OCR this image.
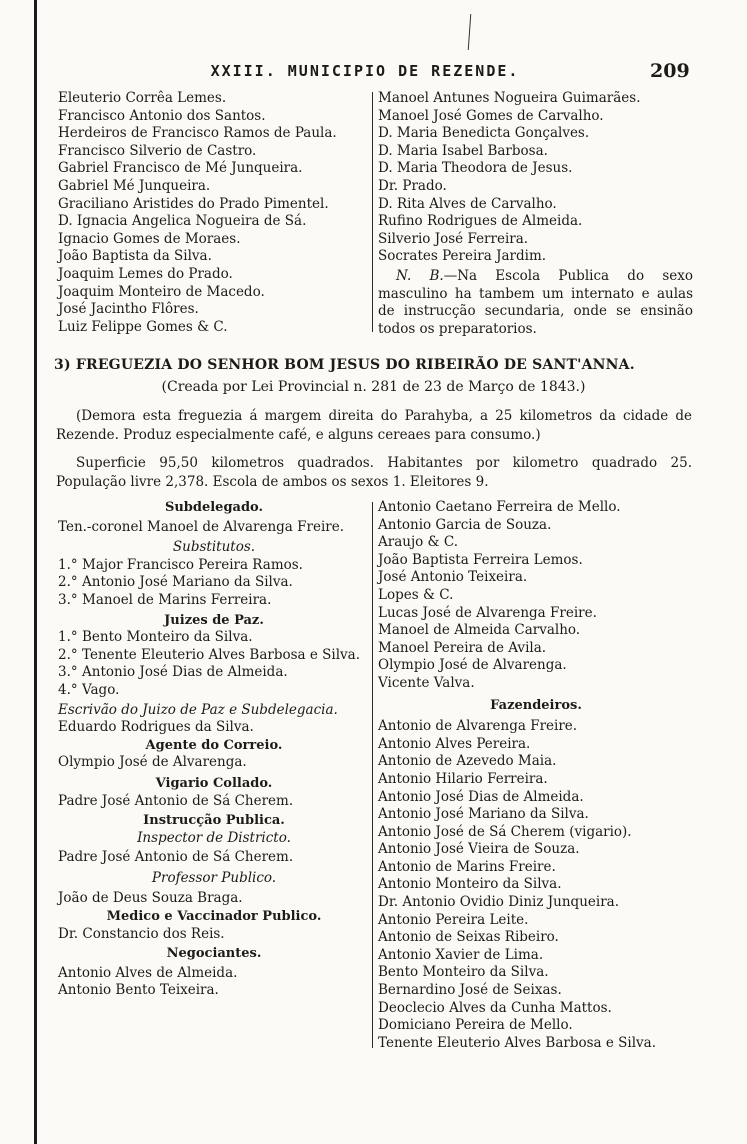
XXIII. MUNICIPIO DE REZENDE.	209
Eleuterio Corrêa Lemes.
Francisco Antonio dos Santos.
Herdeiros de Francisco Ramos de Paula.
Francisco Silverio de Castro.
Gabriel Francisco de Mé Junqueira.
Gabriel Mé Junqueira.
Graciliano Aristides do Prado Pimentel.
D. Ignacia Angelica Nogueira de Sá.
Ignacio Gomes de Moraes.
João Baptista da Silva.
Joaquim Lemes do Prado.
Joaquim Monteiro de Macedo.
José Jacintho Flôres.
Luiz Felippe Gomes & C.
Manoel Antunes Nogueira Guimarães.
Manoel José Gomes de Carvalho.
D. Maria Benedicta Gonçalves.
D. Maria Isabel Barbosa.
D. Maria Theodora de Jesus.
Dr. Prado.
D. Rita Alves de Carvalho.
Rufino Rodrigues de Almeida.
Silverio José Ferreira.
Socrates Pereira Jardim.
N. B.—Na Escola Publica do sexo masculino ha tambem um internato e aulas de instrucção secundaria, onde se ensinão todos os preparatorios.
3) FREGUEZIA DO SENHOR BOM JESUS DO RIBEIRÃO DE SANT'ANNA.
(Creada por Lei Provincial n. 281 de 23 de Março de 1843.)
(Demora esta freguezia á margem direita do Parahyba, a 25 kilometros da cidade de Rezende. Produz especialmente café, e alguns cereaes para consumo.)
Superficie 95,50 kilometros quadrados. Habitantes por kilometro quadrado 25. População livre 2,378. Escola de ambos os sexos 1. Eleitores 9.
Subdelegado.
Ten.-coronel Manoel de Alvarenga Freire.
Substitutos.
1.° Major Francisco Pereira Ramos.
2.° Antonio José Mariano da Silva.
3.° Manoel de Marins Ferreira.
Juizes de Paz.
1.° Bento Monteiro da Silva.
2.° Tenente Eleuterio Alves Barbosa e Silva.
3.° Antonio José Dias de Almeida.
4.° Vago.
Escrivão do Juizo de Paz e Subdelegacia.
Eduardo Rodrigues da Silva.
Agente do Correio.
Olympio José de Alvarenga.
Vigario Collado.
Padre José Antonio de Sá Cherem.
Instrucção Publica.
Inspector de Districto.
Padre José Antonio de Sá Cherem.
Professor Publico.
João de Deus Souza Braga.
Medico e Vaccinador Publico.
Dr. Constancio dos Reis.
Negociantes.
Antonio Alves de Almeida.
Antonio Bento Teixeira.
Antonio Caetano Ferreira de Mello.
Antonio Garcia de Souza.
Araujo & C.
João Baptista Ferreira Lemos.
José Antonio Teixeira.
Lopes & C.
Lucas José de Alvarenga Freire.
Manoel de Almeida Carvalho.
Manoel Pereira de Avila.
Olympio José de Alvarenga.
Vicente Valva.
Fazendeiros.
Antonio de Alvarenga Freire.
Antonio Alves Pereira.
Antonio de Azevedo Maia.
Antonio Hilario Ferreira.
Antonio José Dias de Almeida.
Antonio José Mariano da Silva.
Antonio José de Sá Cherem (vigario).
Antonio José Vieira de Souza.
Antonio de Marins Freire.
Antonio Monteiro da Silva.
Dr. Antonio Ovidio Diniz Junqueira.
Antonio Pereira Leite.
Antonio de Seixas Ribeiro.
Antonio Xavier de Lima.
Bento Monteiro da Silva.
Bernardino José de Seixas.
Deoclecio Alves da Cunha Mattos.
Domiciano Pereira de Mello.
Tenente Eleuterio Alves Barbosa e Silva.
